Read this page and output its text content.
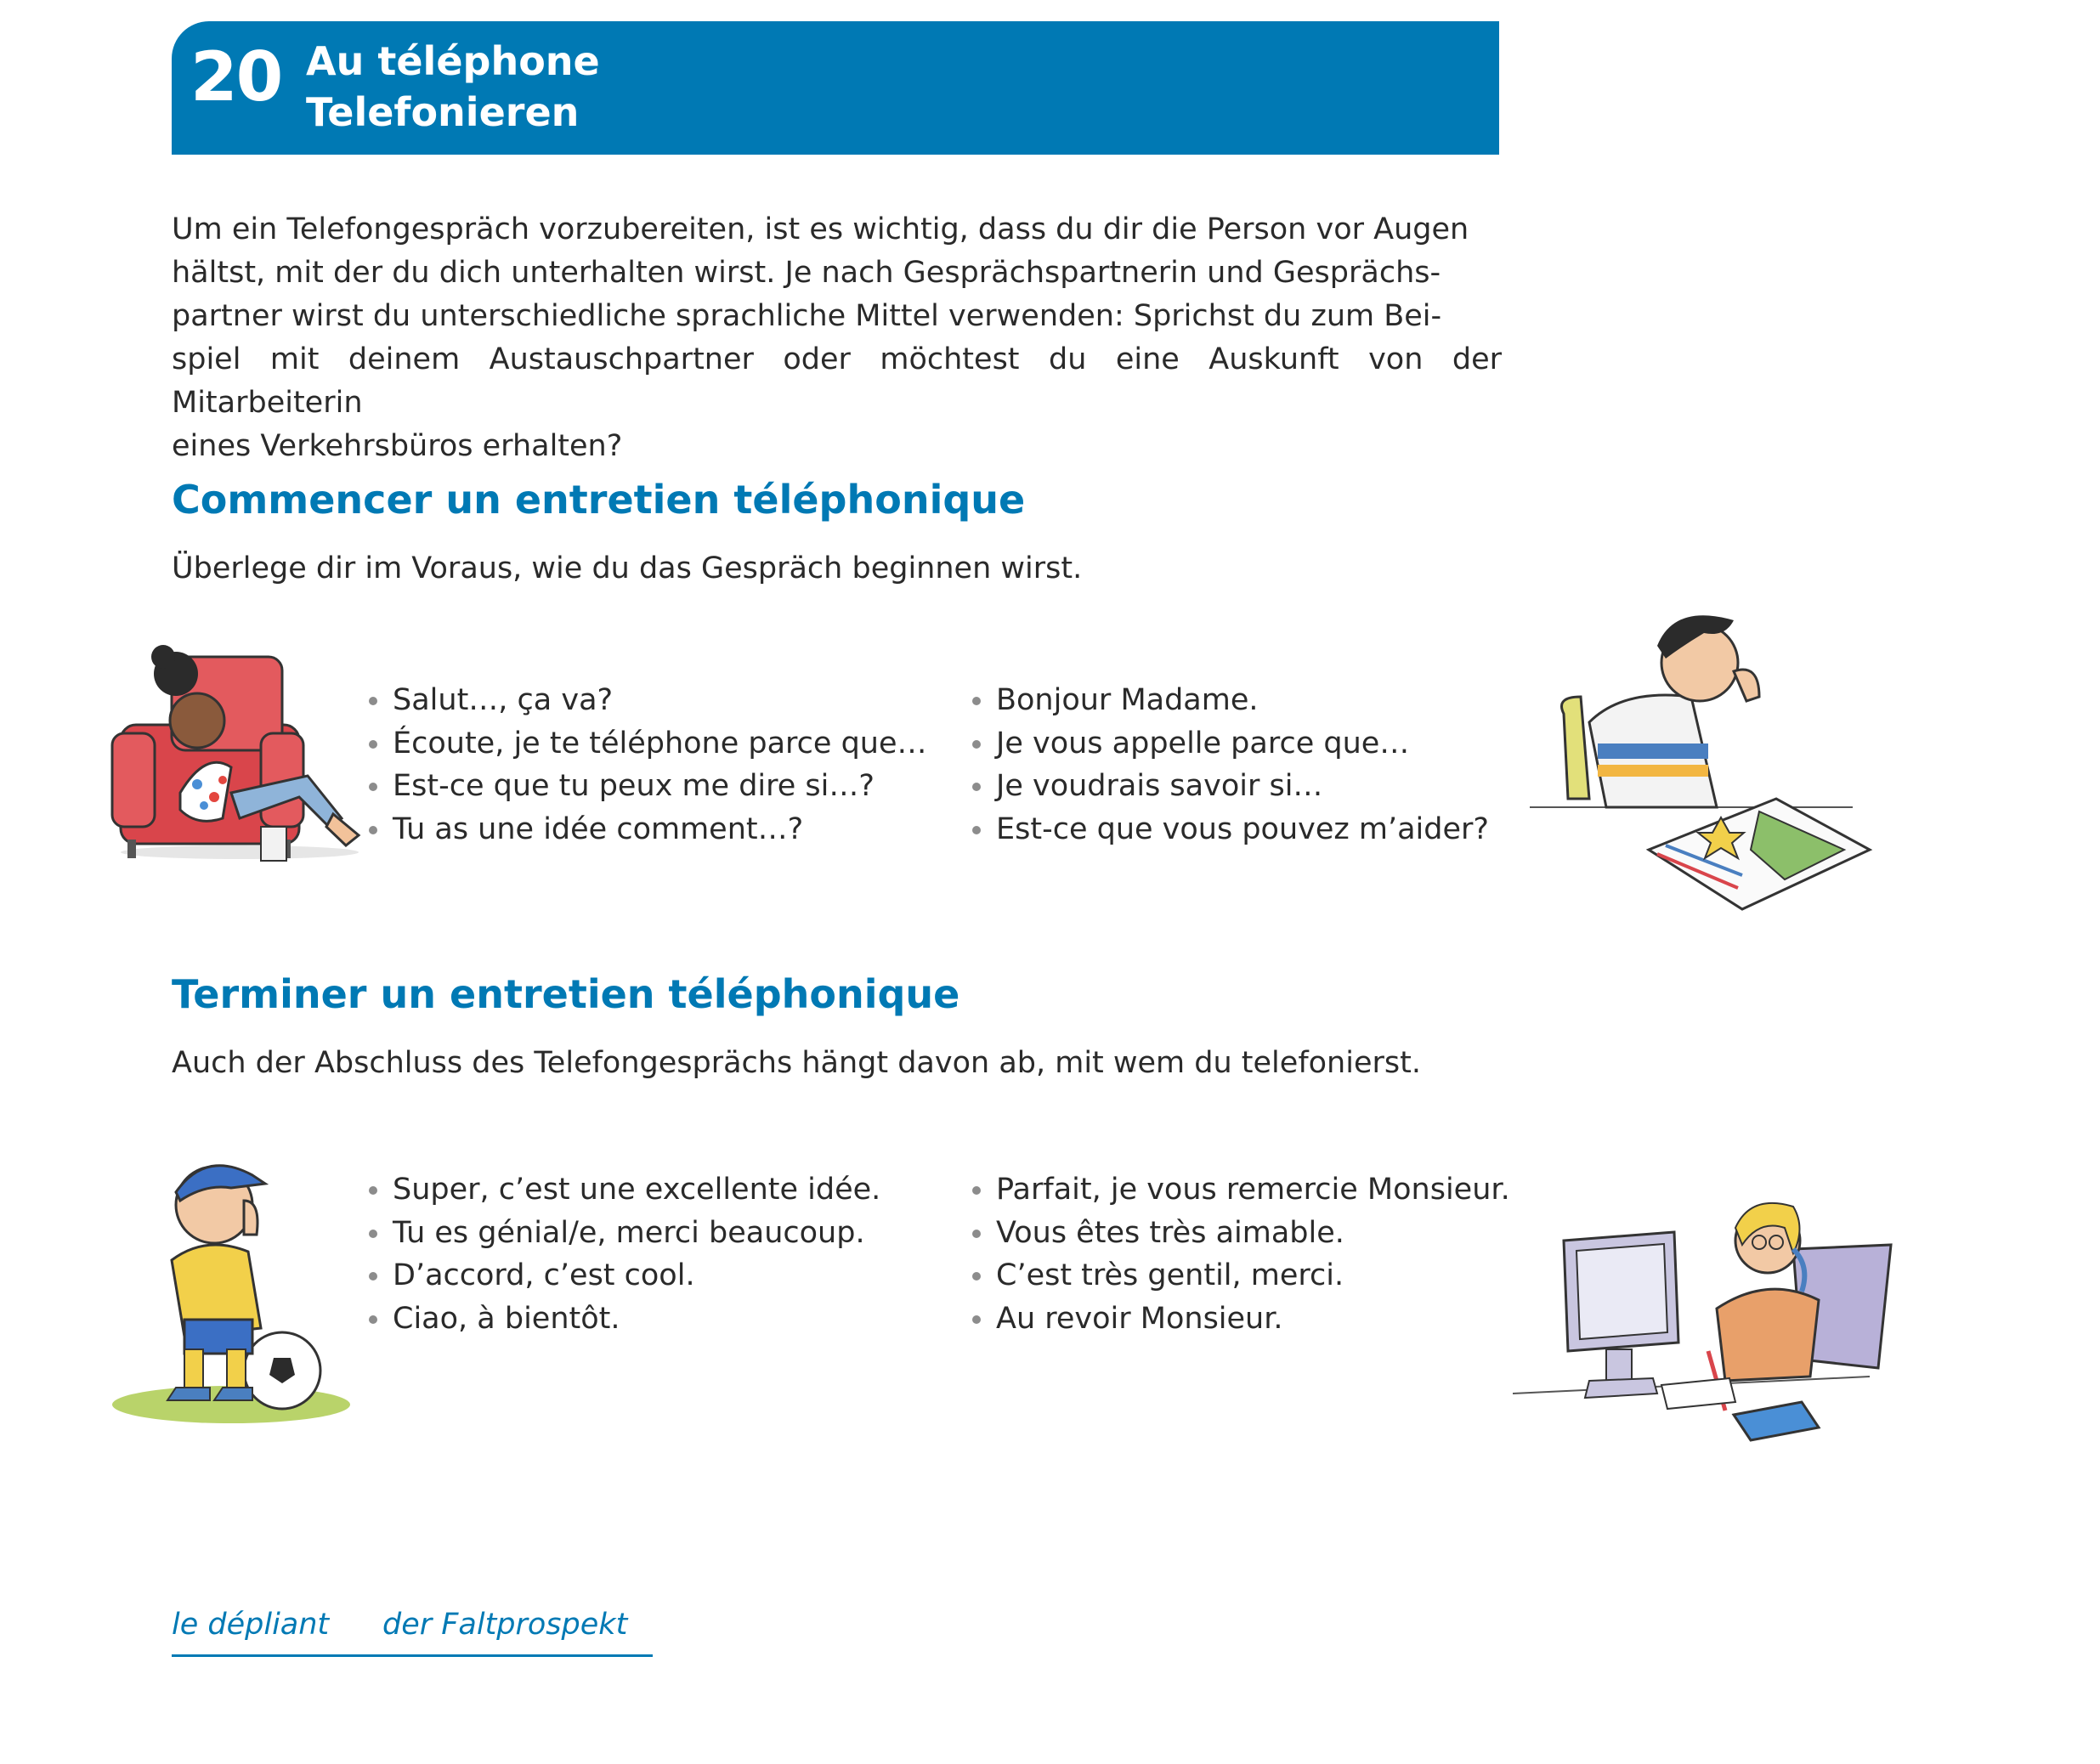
20 Au téléphone
Telefonieren

Um ein Telefongespräch vorzubereiten, ist es wichtig, dass du dir die Person vor Augen
hältst, mit der du dich unterhalten wirst. Je nach Gesprächspartnerin und Gesprächs-
partner wirst du unterschiedliche sprachliche Mittel verwenden: Sprichst du zum Bei-
spiel mit deinem Austauschpartner oder möchtest du eine Auskunft von der Mitarbeiterin
eines Verkehrsbüros erhalten?

Commencer un entretien téléphonique

Überlege dir im Voraus, wie du das Gespräch beginnen wirst.

Salut…, ça va?
Écoute, je te téléphone parce que…
Est-ce que tu peux me dire si…?
Tu as une idée comment…?
Bonjour Madame.
Je vous appelle parce que…
Je voudrais savoir si…
Est-ce que vous pouvez m’aider?
Terminer un entretien téléphonique

Auch der Abschluss des Telefongesprächs hängt davon ab, mit wem du telefonierst.

Super, c’est une excellente idée.
Tu es génial/e, merci beaucoup.
D’accord, c’est cool.
Ciao, à bientôt.
Parfait, je vous remercie Monsieur.
Vous êtes très aimable.
C’est très gentil, merci.
Au revoir Monsieur.
le dépliant der Faltprospekt
